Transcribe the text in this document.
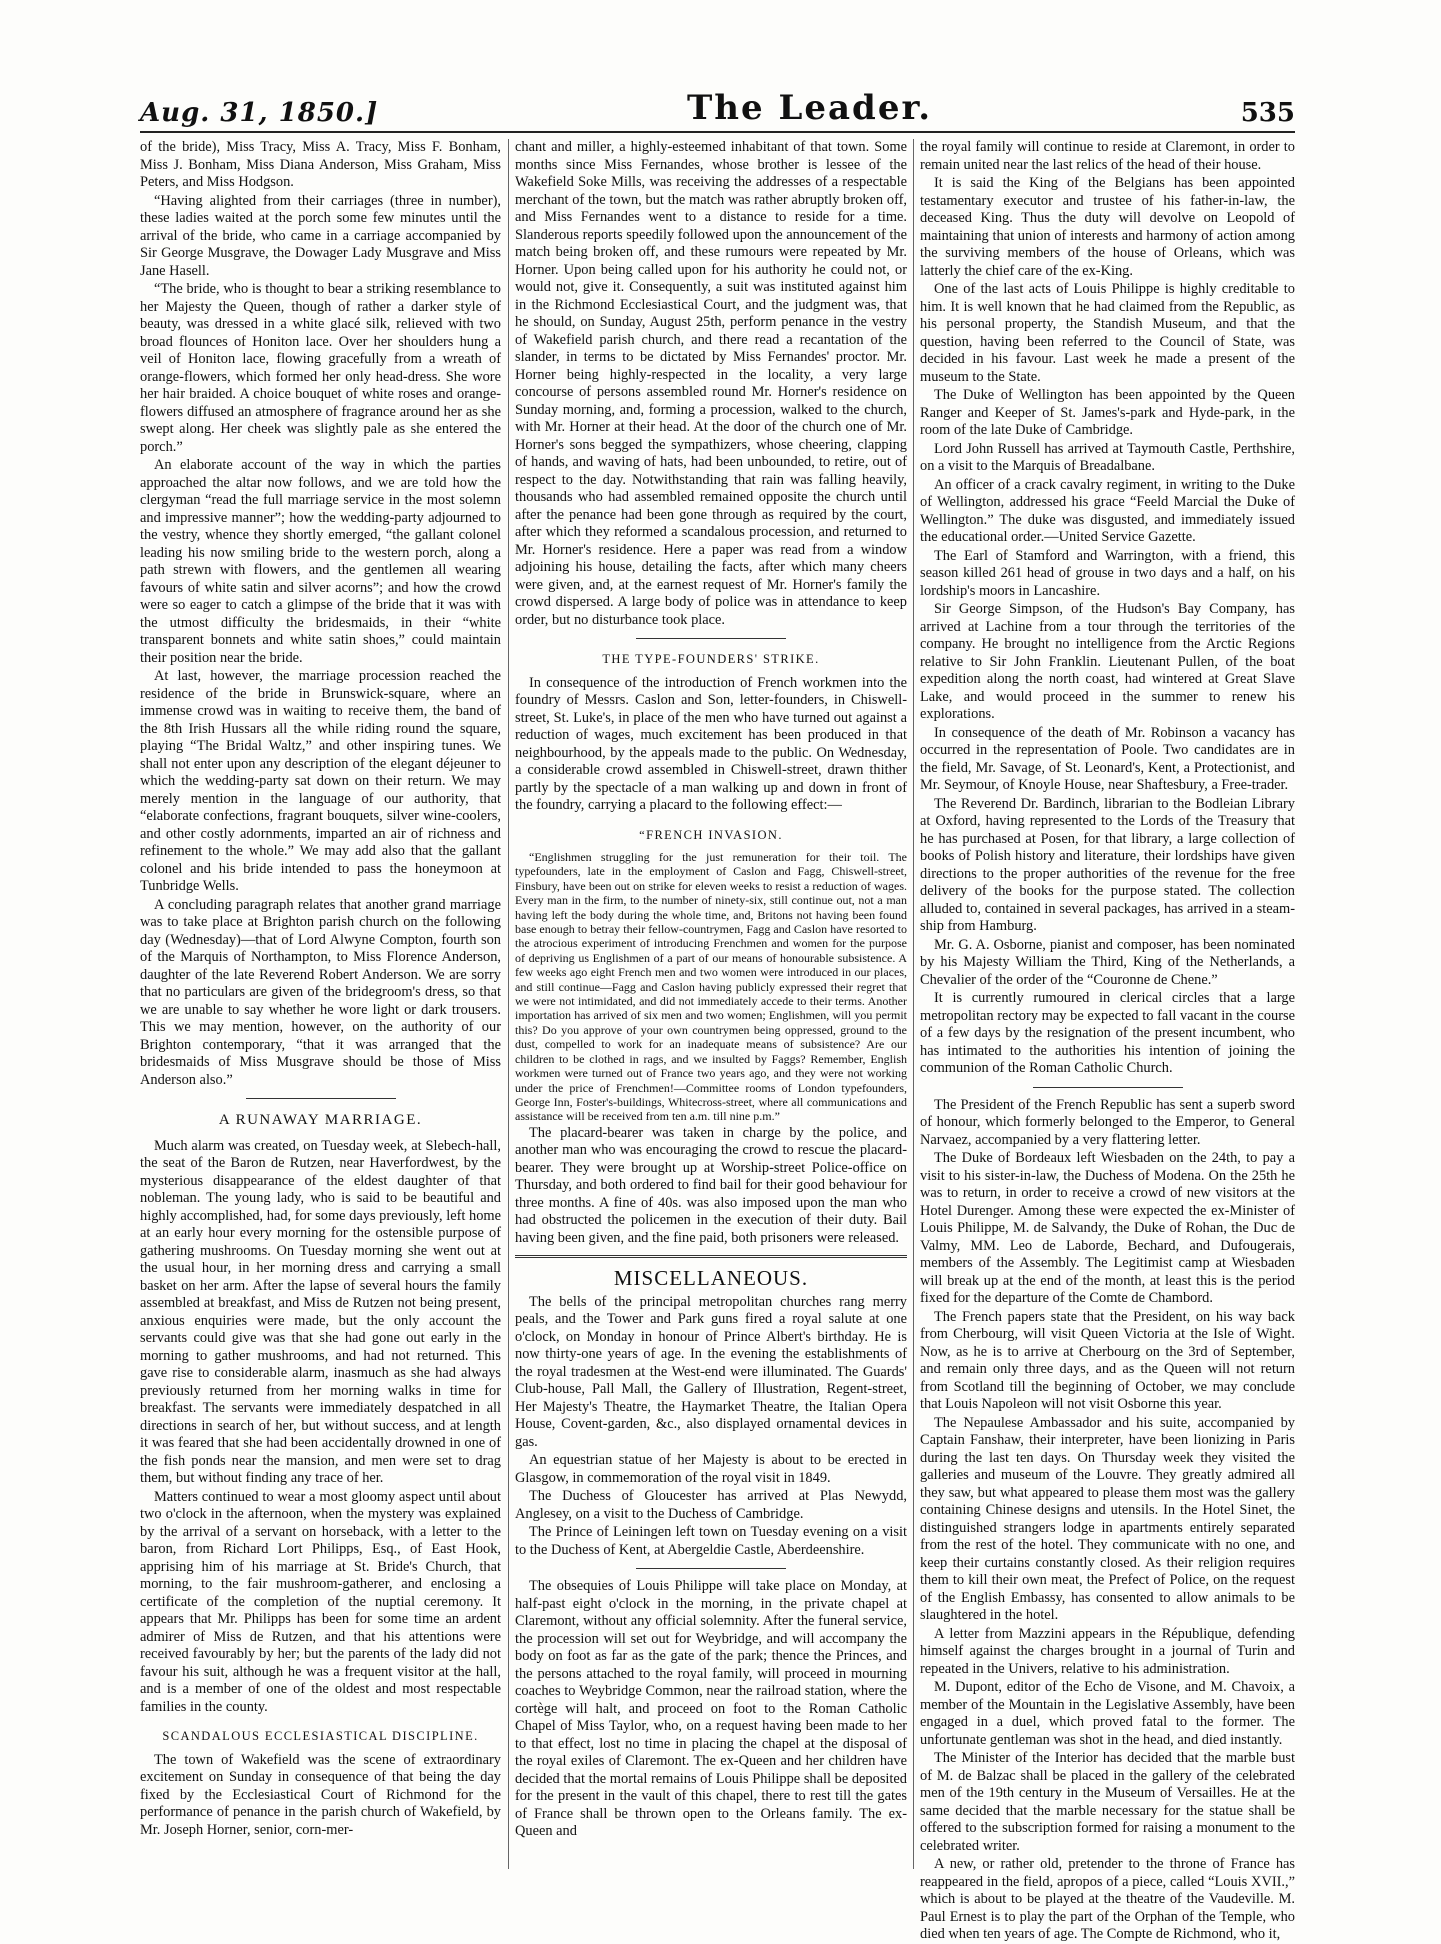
Aug. 31, 1850.]	The Leader.	535

of the bride), Miss Tracy, Miss A. Tracy, Miss F. Bonham, Miss J. Bonham, Miss Diana Anderson, Miss Graham, Miss Peters, and Miss Hodgson.

“Having alighted from their carriages (three in number), these ladies waited at the porch some few minutes until the arrival of the bride, who came in a carriage accompanied by Sir George Musgrave, the Dowager Lady Musgrave and Miss Jane Hasell.

“The bride, who is thought to bear a striking resemblance to her Majesty the Queen, though of rather a darker style of beauty, was dressed in a white glacé silk, relieved with two broad flounces of Honiton lace. Over her shoulders hung a veil of Honiton lace, flowing gracefully from a wreath of orange-flowers, which formed her only head-dress. She wore her hair braided. A choice bouquet of white roses and orange-flowers diffused an atmosphere of fragrance around her as she swept along. Her cheek was slightly pale as she entered the porch.”

An elaborate account of the way in which the parties approached the altar now follows, and we are told how the clergyman “read the full marriage service in the most solemn and impressive manner”; how the wedding-party adjourned to the vestry, whence they shortly emerged, “the gallant colonel leading his now smiling bride to the western porch, along a path strewn with flowers, and the gentlemen all wearing favours of white satin and silver acorns”; and how the crowd were so eager to catch a glimpse of the bride that it was with the utmost difficulty the bridesmaids, in their “white transparent bonnets and white satin shoes,” could maintain their position near the bride.

At last, however, the marriage procession reached the residence of the bride in Brunswick-square, where an immense crowd was in waiting to receive them, the band of the 8th Irish Hussars all the while riding round the square, playing “The Bridal Waltz,” and other inspiring tunes. We shall not enter upon any description of the elegant déjeuner to which the wedding-party sat down on their return. We may merely mention in the language of our authority, that “elaborate confections, fragrant bouquets, silver wine-coolers, and other costly adornments, imparted an air of richness and refinement to the whole.” We may add also that the gallant colonel and his bride intended to pass the honeymoon at Tunbridge Wells.

A concluding paragraph relates that another grand marriage was to take place at Brighton parish church on the following day (Wednesday)—that of Lord Alwyne Compton, fourth son of the Marquis of Northampton, to Miss Florence Anderson, daughter of the late Reverend Robert Anderson. We are sorry that no particulars are given of the bridegroom's dress, so that we are unable to say whether he wore light or dark trousers. This we may mention, however, on the authority of our Brighton contemporary, “that it was arranged that the bridesmaids of Miss Musgrave should be those of Miss Anderson also.”

A RUNAWAY MARRIAGE.

Much alarm was created, on Tuesday week, at Slebech-hall, the seat of the Baron de Rutzen, near Haverfordwest, by the mysterious disappearance of the eldest daughter of that nobleman. The young lady, who is said to be beautiful and highly accomplished, had, for some days previously, left home at an early hour every morning for the ostensible purpose of gathering mushrooms. On Tuesday morning she went out at the usual hour, in her morning dress and carrying a small basket on her arm. After the lapse of several hours the family assembled at breakfast, and Miss de Rutzen not being present, anxious enquiries were made, but the only account the servants could give was that she had gone out early in the morning to gather mushrooms, and had not returned. This gave rise to considerable alarm, inasmuch as she had always previously returned from her morning walks in time for breakfast. The servants were immediately despatched in all directions in search of her, but without success, and at length it was feared that she had been accidentally drowned in one of the fish ponds near the mansion, and men were set to drag them, but without finding any trace of her.

Matters continued to wear a most gloomy aspect until about two o'clock in the afternoon, when the mystery was explained by the arrival of a servant on horseback, with a letter to the baron, from Richard Lort Philipps, Esq., of East Hook, apprising him of his marriage at St. Bride's Church, that morning, to the fair mushroom-gatherer, and enclosing a certificate of the completion of the nuptial ceremony. It appears that Mr. Philipps has been for some time an ardent admirer of Miss de Rutzen, and that his attentions were received favourably by her; but the parents of the lady did not favour his suit, although he was a frequent visitor at the hall, and is a member of one of the oldest and most respectable families in the county.

SCANDALOUS ECCLESIASTICAL DISCIPLINE.

The town of Wakefield was the scene of extraordinary excitement on Sunday in consequence of that being the day fixed by the Ecclesiastical Court of Richmond for the performance of penance in the parish church of Wakefield, by Mr. Joseph Horner, senior, corn-mer-

chant and miller, a highly-esteemed inhabitant of that town. Some months since Miss Fernandes, whose brother is lessee of the Wakefield Soke Mills, was receiving the addresses of a respectable merchant of the town, but the match was rather abruptly broken off, and Miss Fernandes went to a distance to reside for a time. Slanderous reports speedily followed upon the announcement of the match being broken off, and these rumours were repeated by Mr. Horner. Upon being called upon for his authority he could not, or would not, give it. Consequently, a suit was instituted against him in the Richmond Ecclesiastical Court, and the judgment was, that he should, on Sunday, August 25th, perform penance in the vestry of Wakefield parish church, and there read a recantation of the slander, in terms to be dictated by Miss Fernandes' proctor. Mr. Horner being highly-respected in the locality, a very large concourse of persons assembled round Mr. Horner's residence on Sunday morning, and, forming a procession, walked to the church, with Mr. Horner at their head. At the door of the church one of Mr. Horner's sons begged the sympathizers, whose cheering, clapping of hands, and waving of hats, had been unbounded, to retire, out of respect to the day. Notwithstanding that rain was falling heavily, thousands who had assembled remained opposite the church until after the penance had been gone through as required by the court, after which they reformed a scandalous procession, and returned to Mr. Horner's residence. Here a paper was read from a window adjoining his house, detailing the facts, after which many cheers were given, and, at the earnest request of Mr. Horner's family the crowd dispersed. A large body of police was in attendance to keep order, but no disturbance took place.

THE TYPE-FOUNDERS' STRIKE.

In consequence of the introduction of French workmen into the foundry of Messrs. Caslon and Son, letter-founders, in Chiswell-street, St. Luke's, in place of the men who have turned out against a reduction of wages, much excitement has been produced in that neighbourhood, by the appeals made to the public. On Wednesday, a considerable crowd assembled in Chiswell-street, drawn thither partly by the spectacle of a man walking up and down in front of the foundry, carrying a placard to the following effect:—

“FRENCH INVASION.

“Englishmen struggling for the just remuneration for their toil. The typefounders, late in the employment of Caslon and Fagg, Chiswell-street, Finsbury, have been out on strike for eleven weeks to resist a reduction of wages. Every man in the firm, to the number of ninety-six, still continue out, not a man having left the body during the whole time, and, Britons not having been found base enough to betray their fellow-countrymen, Fagg and Caslon have resorted to the atrocious experiment of introducing Frenchmen and women for the purpose of depriving us Englishmen of a part of our means of honourable subsistence. A few weeks ago eight French men and two women were introduced in our places, and still continue—Fagg and Caslon having publicly expressed their regret that we were not intimidated, and did not immediately accede to their terms. Another importation has arrived of six men and two women; Englishmen, will you permit this? Do you approve of your own countrymen being oppressed, ground to the dust, compelled to work for an inadequate means of subsistence? Are our children to be clothed in rags, and we insulted by Faggs? Remember, English workmen were turned out of France two years ago, and they were not working under the price of Frenchmen!—Committee rooms of London typefounders, George Inn, Foster's-buildings, Whitecross-street, where all communications and assistance will be received from ten a.m. till nine p.m.”

The placard-bearer was taken in charge by the police, and another man who was encouraging the crowd to rescue the placard-bearer. They were brought up at Worship-street Police-office on Thursday, and both ordered to find bail for their good behaviour for three months. A fine of 40s. was also imposed upon the man who had obstructed the policemen in the execution of their duty. Bail having been given, and the fine paid, both prisoners were released.

MISCELLANEOUS.

The bells of the principal metropolitan churches rang merry peals, and the Tower and Park guns fired a royal salute at one o'clock, on Monday in honour of Prince Albert's birthday. He is now thirty-one years of age. In the evening the establishments of the royal tradesmen at the West-end were illuminated. The Guards' Club-house, Pall Mall, the Gallery of Illustration, Regent-street, Her Majesty's Theatre, the Haymarket Theatre, the Italian Opera House, Covent-garden, &c., also displayed ornamental devices in gas.

An equestrian statue of her Majesty is about to be erected in Glasgow, in commemoration of the royal visit in 1849.

The Duchess of Gloucester has arrived at Plas Newydd, Anglesey, on a visit to the Duchess of Cambridge.

The Prince of Leiningen left town on Tuesday evening on a visit to the Duchess of Kent, at Abergeldie Castle, Aberdeenshire.

The obsequies of Louis Philippe will take place on Monday, at half-past eight o'clock in the morning, in the private chapel at Claremont, without any official solemnity. After the funeral service, the procession will set out for Weybridge, and will accompany the body on foot as far as the gate of the park; thence the Princes, and the persons attached to the royal family, will proceed in mourning coaches to Weybridge Common, near the railroad station, where the cortège will halt, and proceed on foot to the Roman Catholic Chapel of Miss Taylor, who, on a request having been made to her to that effect, lost no time in placing the chapel at the disposal of the royal exiles of Claremont. The ex-Queen and her children have decided that the mortal remains of Louis Philippe shall be deposited for the present in the vault of this chapel, there to rest till the gates of France shall be thrown open to the Orleans family. The ex-Queen and

the royal family will continue to reside at Claremont, in order to remain united near the last relics of the head of their house.

It is said the King of the Belgians has been appointed testamentary executor and trustee of his father-in-law, the deceased King. Thus the duty will devolve on Leopold of maintaining that union of interests and harmony of action among the surviving members of the house of Orleans, which was latterly the chief care of the ex-King.

One of the last acts of Louis Philippe is highly creditable to him. It is well known that he had claimed from the Republic, as his personal property, the Standish Museum, and that the question, having been referred to the Council of State, was decided in his favour. Last week he made a present of the museum to the State.

The Duke of Wellington has been appointed by the Queen Ranger and Keeper of St. James's-park and Hyde-park, in the room of the late Duke of Cambridge.

Lord John Russell has arrived at Taymouth Castle, Perthshire, on a visit to the Marquis of Breadalbane.

An officer of a crack cavalry regiment, in writing to the Duke of Wellington, addressed his grace “Feeld Marcial the Duke of Wellington.” The duke was disgusted, and immediately issued the educational order.—United Service Gazette.

The Earl of Stamford and Warrington, with a friend, this season killed 261 head of grouse in two days and a half, on his lordship's moors in Lancashire.

Sir George Simpson, of the Hudson's Bay Company, has arrived at Lachine from a tour through the territories of the company. He brought no intelligence from the Arctic Regions relative to Sir John Franklin. Lieutenant Pullen, of the boat expedition along the north coast, had wintered at Great Slave Lake, and would proceed in the summer to renew his explorations.

In consequence of the death of Mr. Robinson a vacancy has occurred in the representation of Poole. Two candidates are in the field, Mr. Savage, of St. Leonard's, Kent, a Protectionist, and Mr. Seymour, of Knoyle House, near Shaftesbury, a Free-trader.

The Reverend Dr. Bardinch, librarian to the Bodleian Library at Oxford, having represented to the Lords of the Treasury that he has purchased at Posen, for that library, a large collection of books of Polish history and literature, their lordships have given directions to the proper authorities of the revenue for the free delivery of the books for the purpose stated. The collection alluded to, contained in several packages, has arrived in a steam-ship from Hamburg.

Mr. G. A. Osborne, pianist and composer, has been nominated by his Majesty William the Third, King of the Netherlands, a Chevalier of the order of the “Couronne de Chene.”

It is currently rumoured in clerical circles that a large metropolitan rectory may be expected to fall vacant in the course of a few days by the resignation of the present incumbent, who has intimated to the authorities his intention of joining the communion of the Roman Catholic Church.

The President of the French Republic has sent a superb sword of honour, which formerly belonged to the Emperor, to General Narvaez, accompanied by a very flattering letter.

The Duke of Bordeaux left Wiesbaden on the 24th, to pay a visit to his sister-in-law, the Duchess of Modena. On the 25th he was to return, in order to receive a crowd of new visitors at the Hotel Durenger. Among these were expected the ex-Minister of Louis Philippe, M. de Salvandy, the Duke of Rohan, the Duc de Valmy, MM. Leo de Laborde, Bechard, and Dufougerais, members of the Assembly. The Legitimist camp at Wiesbaden will break up at the end of the month, at least this is the period fixed for the departure of the Comte de Chambord.

The French papers state that the President, on his way back from Cherbourg, will visit Queen Victoria at the Isle of Wight. Now, as he is to arrive at Cherbourg on the 3rd of September, and remain only three days, and as the Queen will not return from Scotland till the beginning of October, we may conclude that Louis Napoleon will not visit Osborne this year.

The Nepaulese Ambassador and his suite, accompanied by Captain Fanshaw, their interpreter, have been lionizing in Paris during the last ten days. On Thursday week they visited the galleries and museum of the Louvre. They greatly admired all they saw, but what appeared to please them most was the gallery containing Chinese designs and utensils. In the Hotel Sinet, the distinguished strangers lodge in apartments entirely separated from the rest of the hotel. They communicate with no one, and keep their curtains constantly closed. As their religion requires them to kill their own meat, the Prefect of Police, on the request of the English Embassy, has consented to allow animals to be slaughtered in the hotel.

A letter from Mazzini appears in the République, defending himself against the charges brought in a journal of Turin and repeated in the Univers, relative to his administration.

M. Dupont, editor of the Echo de Visone, and M. Chavoix, a member of the Mountain in the Legislative Assembly, have been engaged in a duel, which proved fatal to the former. The unfortunate gentleman was shot in the head, and died instantly.

The Minister of the Interior has decided that the marble bust of M. de Balzac shall be placed in the gallery of the celebrated men of the 19th century in the Museum of Versailles. He at the same decided that the marble necessary for the statue shall be offered to the subscription formed for raising a monument to the celebrated writer.

A new, or rather old, pretender to the throne of France has reappeared in the field, apropos of a piece, called “Louis XVII.,” which is about to be played at the theatre of the Vaudeville. M. Paul Ernest is to play the part of the Orphan of the Temple, who died when ten years of age. The Compte de Richmond, who it,
